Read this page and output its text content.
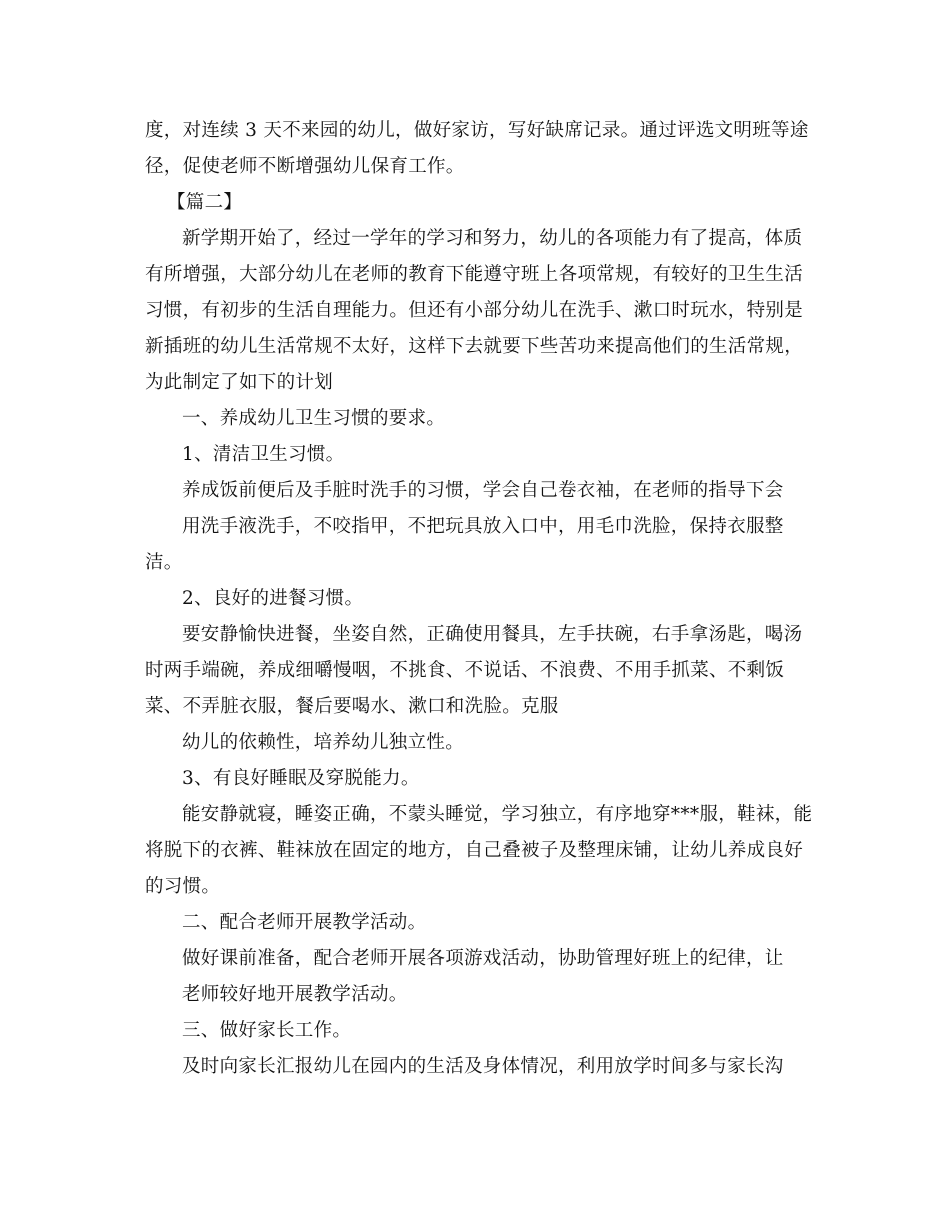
度，对连续 3 天不来园的幼儿，做好家访，写好缺席记录。通过评选文明班等途
径，促使老师不断增强幼儿保育工作。
【篇二】
新学期开始了，经过一学年的学习和努力，幼儿的各项能力有了提高，体质
有所增强，大部分幼儿在老师的教育下能遵守班上各项常规，有较好的卫生生活
习惯，有初步的生活自理能力。但还有小部分幼儿在洗手、漱口时玩水，特别是
新插班的幼儿生活常规不太好，这样下去就要下些苦功来提高他们的生活常规，
为此制定了如下的计划
一、养成幼儿卫生习惯的要求。
1、清洁卫生习惯。
养成饭前便后及手脏时洗手的习惯，学会自己卷衣袖，在老师的指导下会
用洗手液洗手，不咬指甲，不把玩具放入口中，用毛巾洗脸，保持衣服整
洁。
2、良好的进餐习惯。
要安静愉快进餐，坐姿自然，正确使用餐具，左手扶碗，右手拿汤匙，喝汤
时两手端碗，养成细嚼慢咽，不挑食、不说话、不浪费、不用手抓菜、不剩饭
菜、不弄脏衣服，餐后要喝水、漱口和洗脸。克服
幼儿的依赖性，培养幼儿独立性。
3、有良好睡眠及穿脱能力。
能安静就寝，睡姿正确，不蒙头睡觉，学习独立，有序地穿***服，鞋袜，能
将脱下的衣裤、鞋袜放在固定的地方，自己叠被子及整理床铺，让幼儿养成良好
的习惯。
二、配合老师开展教学活动。
做好课前准备，配合老师开展各项游戏活动，协助管理好班上的纪律，让
老师较好地开展教学活动。
三、做好家长工作。
及时向家长汇报幼儿在园内的生活及身体情况，利用放学时间多与家长沟
